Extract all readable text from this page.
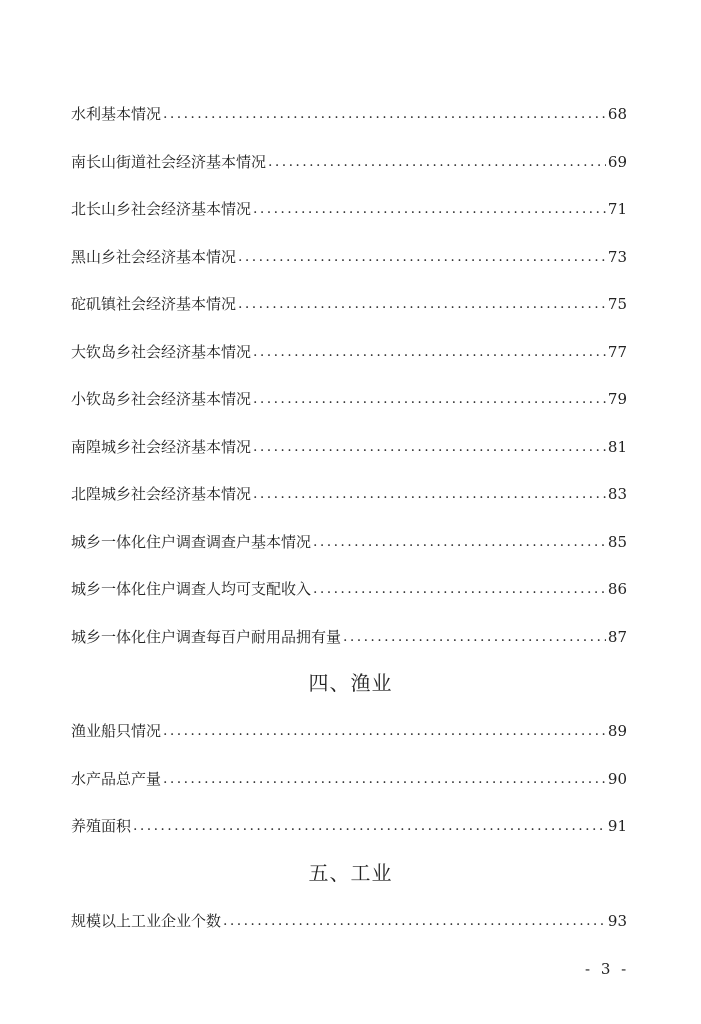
水利基本情况 .....	68
南长山街道社会经济基本情况 .....	69
北长山乡社会经济基本情况 .....	71
黑山乡社会经济基本情况 .....	73
砣矶镇社会经济基本情况 .....	75
大钦岛乡社会经济基本情况 .....	77
小钦岛乡社会经济基本情况 .....	79
南隍城乡社会经济基本情况 .....	81
北隍城乡社会经济基本情况 .....	83
城乡一体化住户调查调查户基本情况 .....	85
城乡一体化住户调查人均可支配收入 .....	86
城乡一体化住户调查每百户耐用品拥有量 .....	87
四、渔业
渔业船只情况 .....	89
水产品总产量 .....	90
养殖面积 .....	91
五、工业
规模以上工业企业个数 .....	93
- 3 -
